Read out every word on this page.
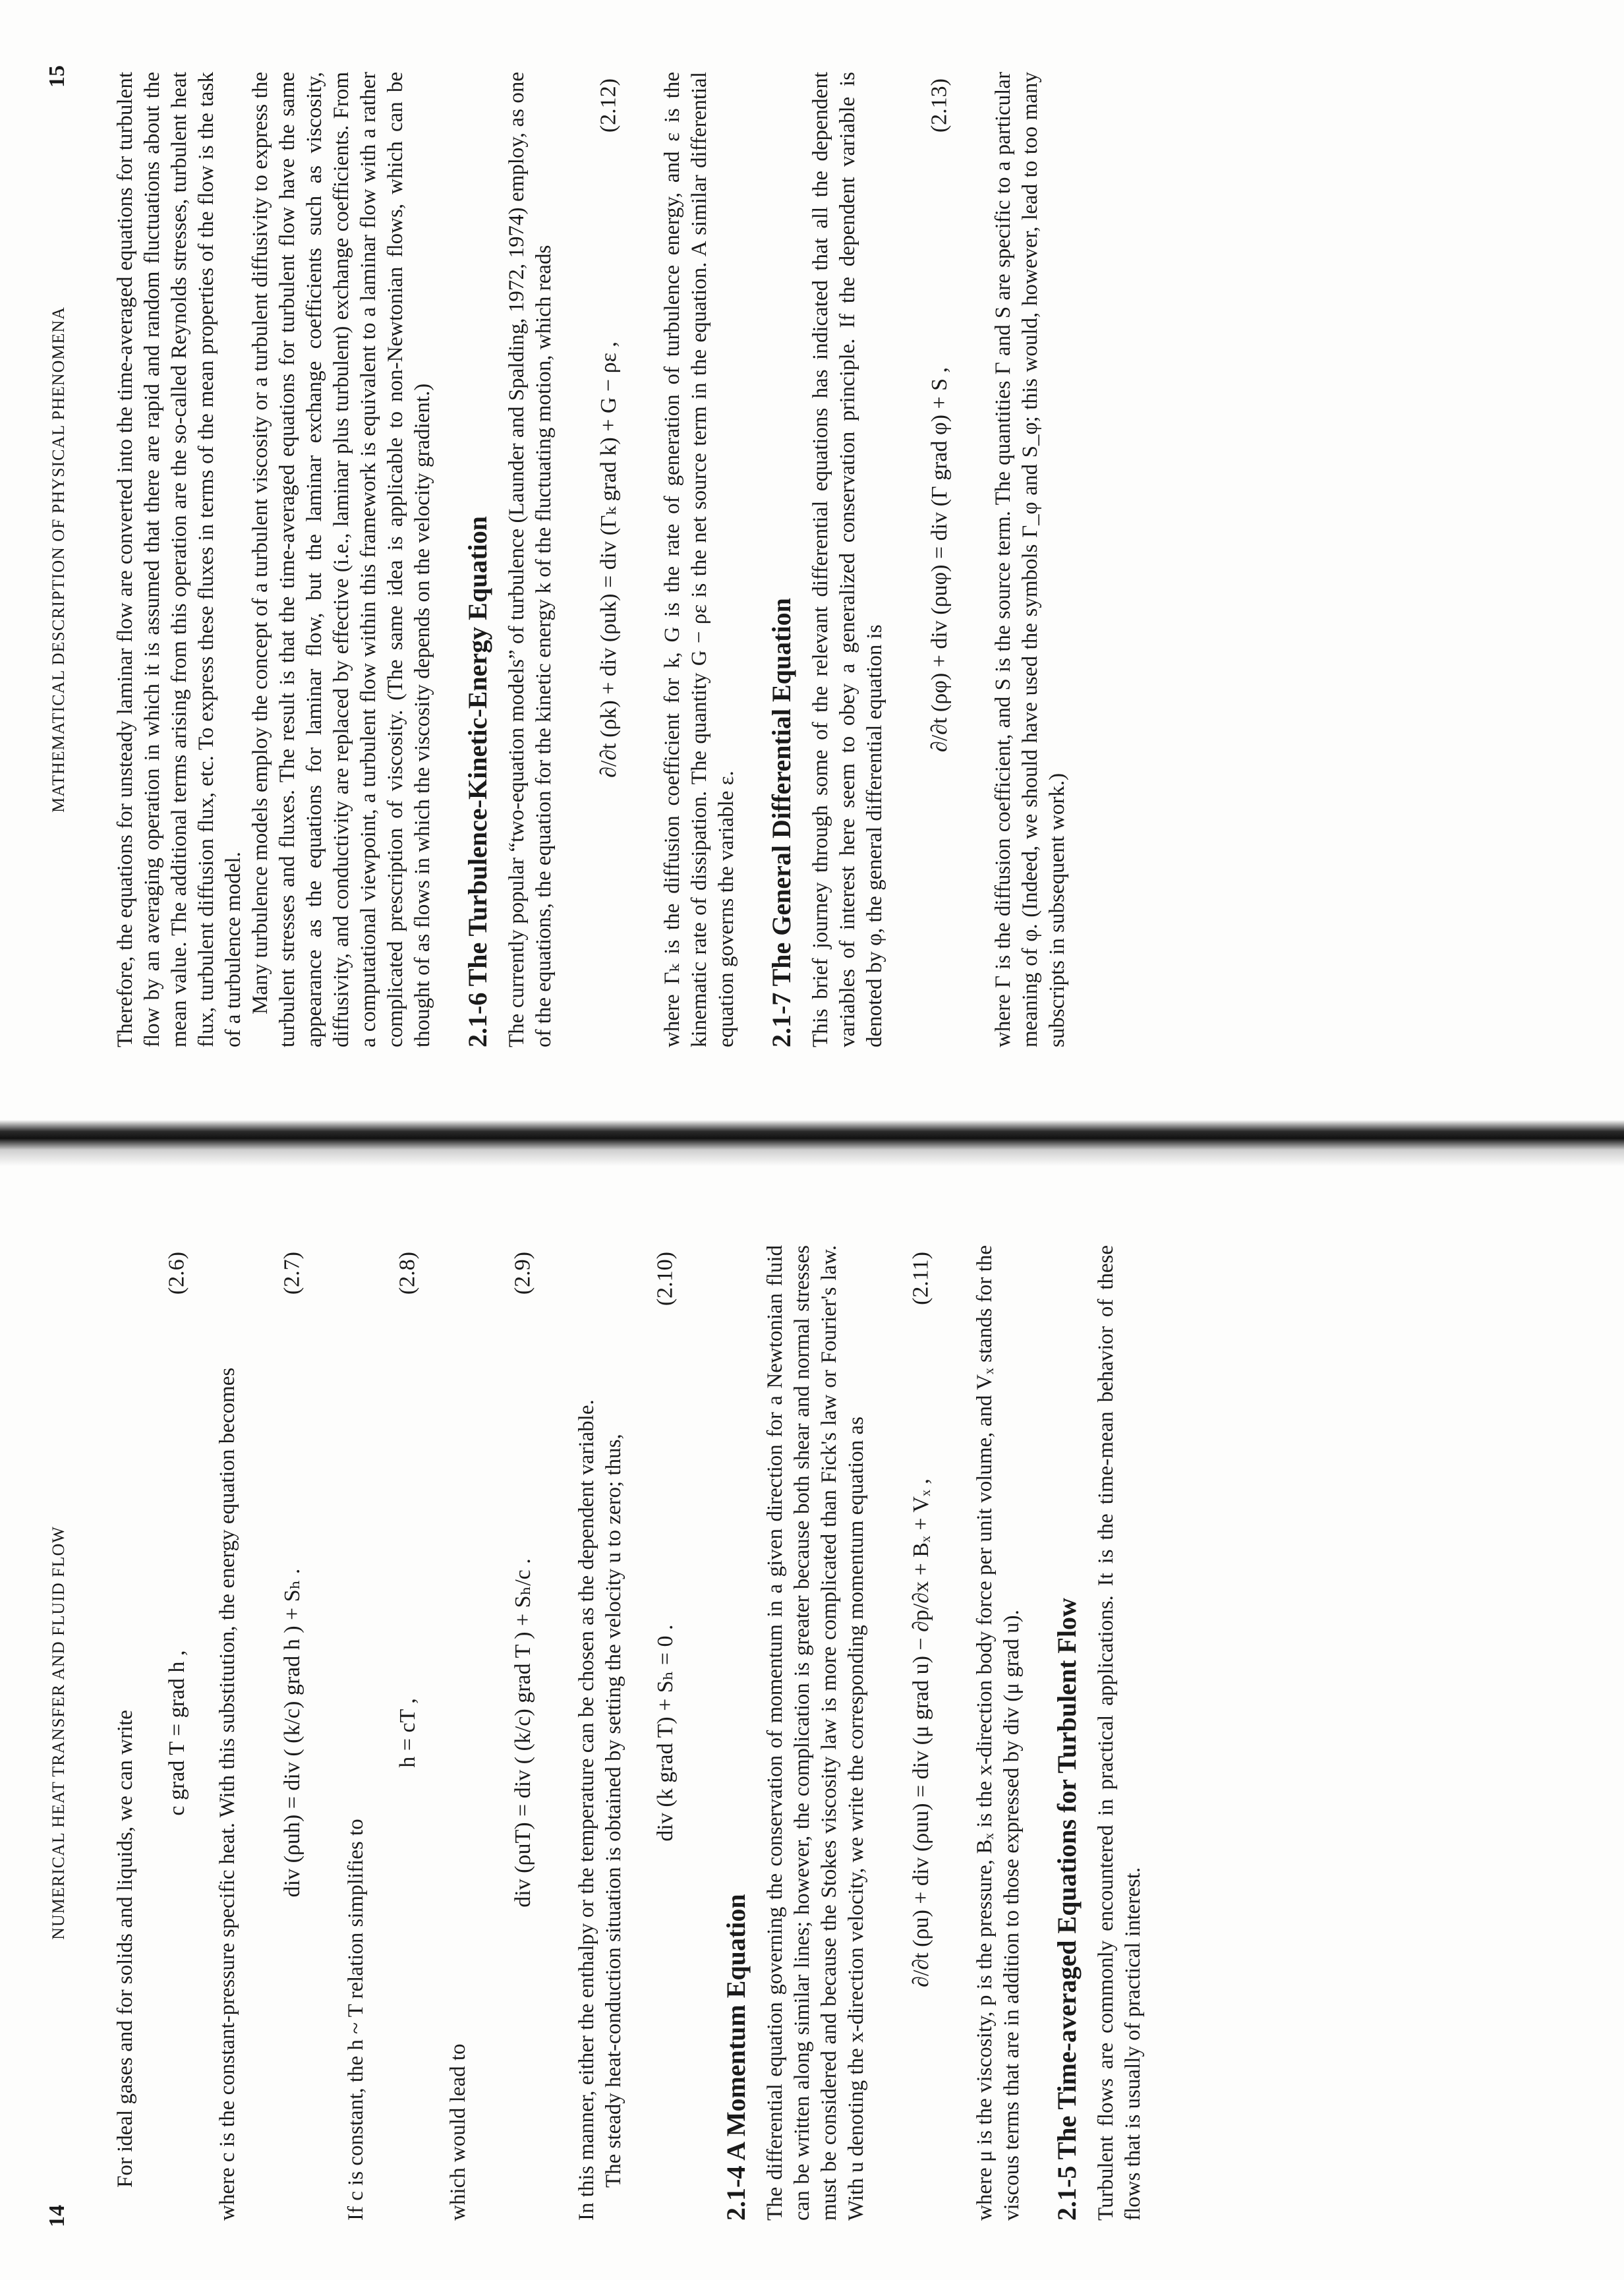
14
NUMERICAL HEAT TRANSFER AND FLUID FLOW For ideal gases and for solids and liquids, we can write c grad T = grad h ,
(2.6)

where c is the constant-pressure specific heat. With this substitution, the energy equation becomes div (ρuh) = div ( (k/c) grad h ) + Sₕ .
(2.7)

If c is constant, the h ~ T relation simplifies to

h = cT ,
(2.8)

which would lead to

div (ρuT) = div ( (k/c) grad T ) + Sₕ/c .
(2.9)

In this manner, either the enthalpy or the temperature can be chosen as the dependent variable. The steady heat-conduction situation is obtained by setting the velocity u to zero; thus, div (k grad T) + Sₕ = 0 .
(2.10)
2.1-4 A Momentum Equation The differential equation governing the conservation of momentum in a given direction for a Newtonian fluid can be written along similar lines; however, the complication is greater because both shear and normal stresses must be considered and because the Stokes viscosity law is more complicated than Fick's law or Fourier's law. With u denoting the x-direction velocity, we write the corresponding momentum equation as ∂/∂t (ρu) + div (ρuu) = div (μ grad u) − ∂p/∂x + Bₓ + Vₓ ,
(2.11) where μ is the viscosity, p is the pressure, Bₓ is the x-direction body force per unit volume, and Vₓ stands for the viscous terms that are in addition to those expressed by div (μ grad u). 2.1-5 The Time-averaged Equations for Turbulent Flow Turbulent flows are commonly encountered in practical applications. It is the time-mean behavior of these flows that is usually of practical interest.

MATHEMATICAL DESCRIPTION OF PHYSICAL PHENOMENA
15 Therefore, the equations for unsteady laminar flow are converted into the time-averaged equations for turbulent flow by an averaging operation in which it is assumed that there are rapid and random fluctuations about the mean value. The additional terms arising from this operation are the so-called Reynolds stresses, turbulent heat flux, turbulent diffusion flux, etc. To express these fluxes in terms of the mean properties of the flow is the task of a turbulence model. Many turbulence models employ the concept of a turbulent viscosity or a turbulent diffusivity to express the turbulent stresses and fluxes. The result is that the time-averaged equations for turbulent flow have the same appearance as the equations for laminar flow, but the laminar exchange coefficients such as viscosity, diffusivity, and conductivity are replaced by effective (i.e., laminar plus turbulent) exchange coefficients. From a computational viewpoint, a turbulent flow within this framework is equivalent to a laminar flow with a rather complicated prescription of viscosity. (The same idea is applicable to non-Newtonian flows, which can be thought of as flows in which the viscosity depends on the velocity gradient.) 2.1-6 The Turbulence-Kinetic-Energy Equation The currently popular “two-equation models” of turbulence (Launder and Spalding, 1972, 1974) employ, as one of the equations, the equation for the kinetic energy k of the fluctuating motion, which reads ∂/∂t (ρk) + div (ρuk) = div (Γₖ grad k) + G − ρε ,
(2.12) where Γₖ is the diffusion coefficient for k, G is the rate of generation of turbulence energy, and ε is the kinematic rate of dissipation. The quantity G − ρε is the net source term in the equation. A similar differential equation governs the variable ε. 2.1-7 The General Differential Equation This brief journey through some of the relevant differential equations has indicated that all the dependent variables of interest here seem to obey a generalized conservation principle. If the dependent variable is denoted by φ, the general differential equation is

∂/∂t (ρφ) + div (ρuφ) = div (Γ grad φ) + S ,
(2.13) where Γ is the diffusion coefficient, and S is the source term. The quantities Γ and S are specific to a particular meaning of φ. (Indeed, we should have used the symbols Γ_φ and S_φ; this would, however, lead to too many subscripts in subsequent work.)
